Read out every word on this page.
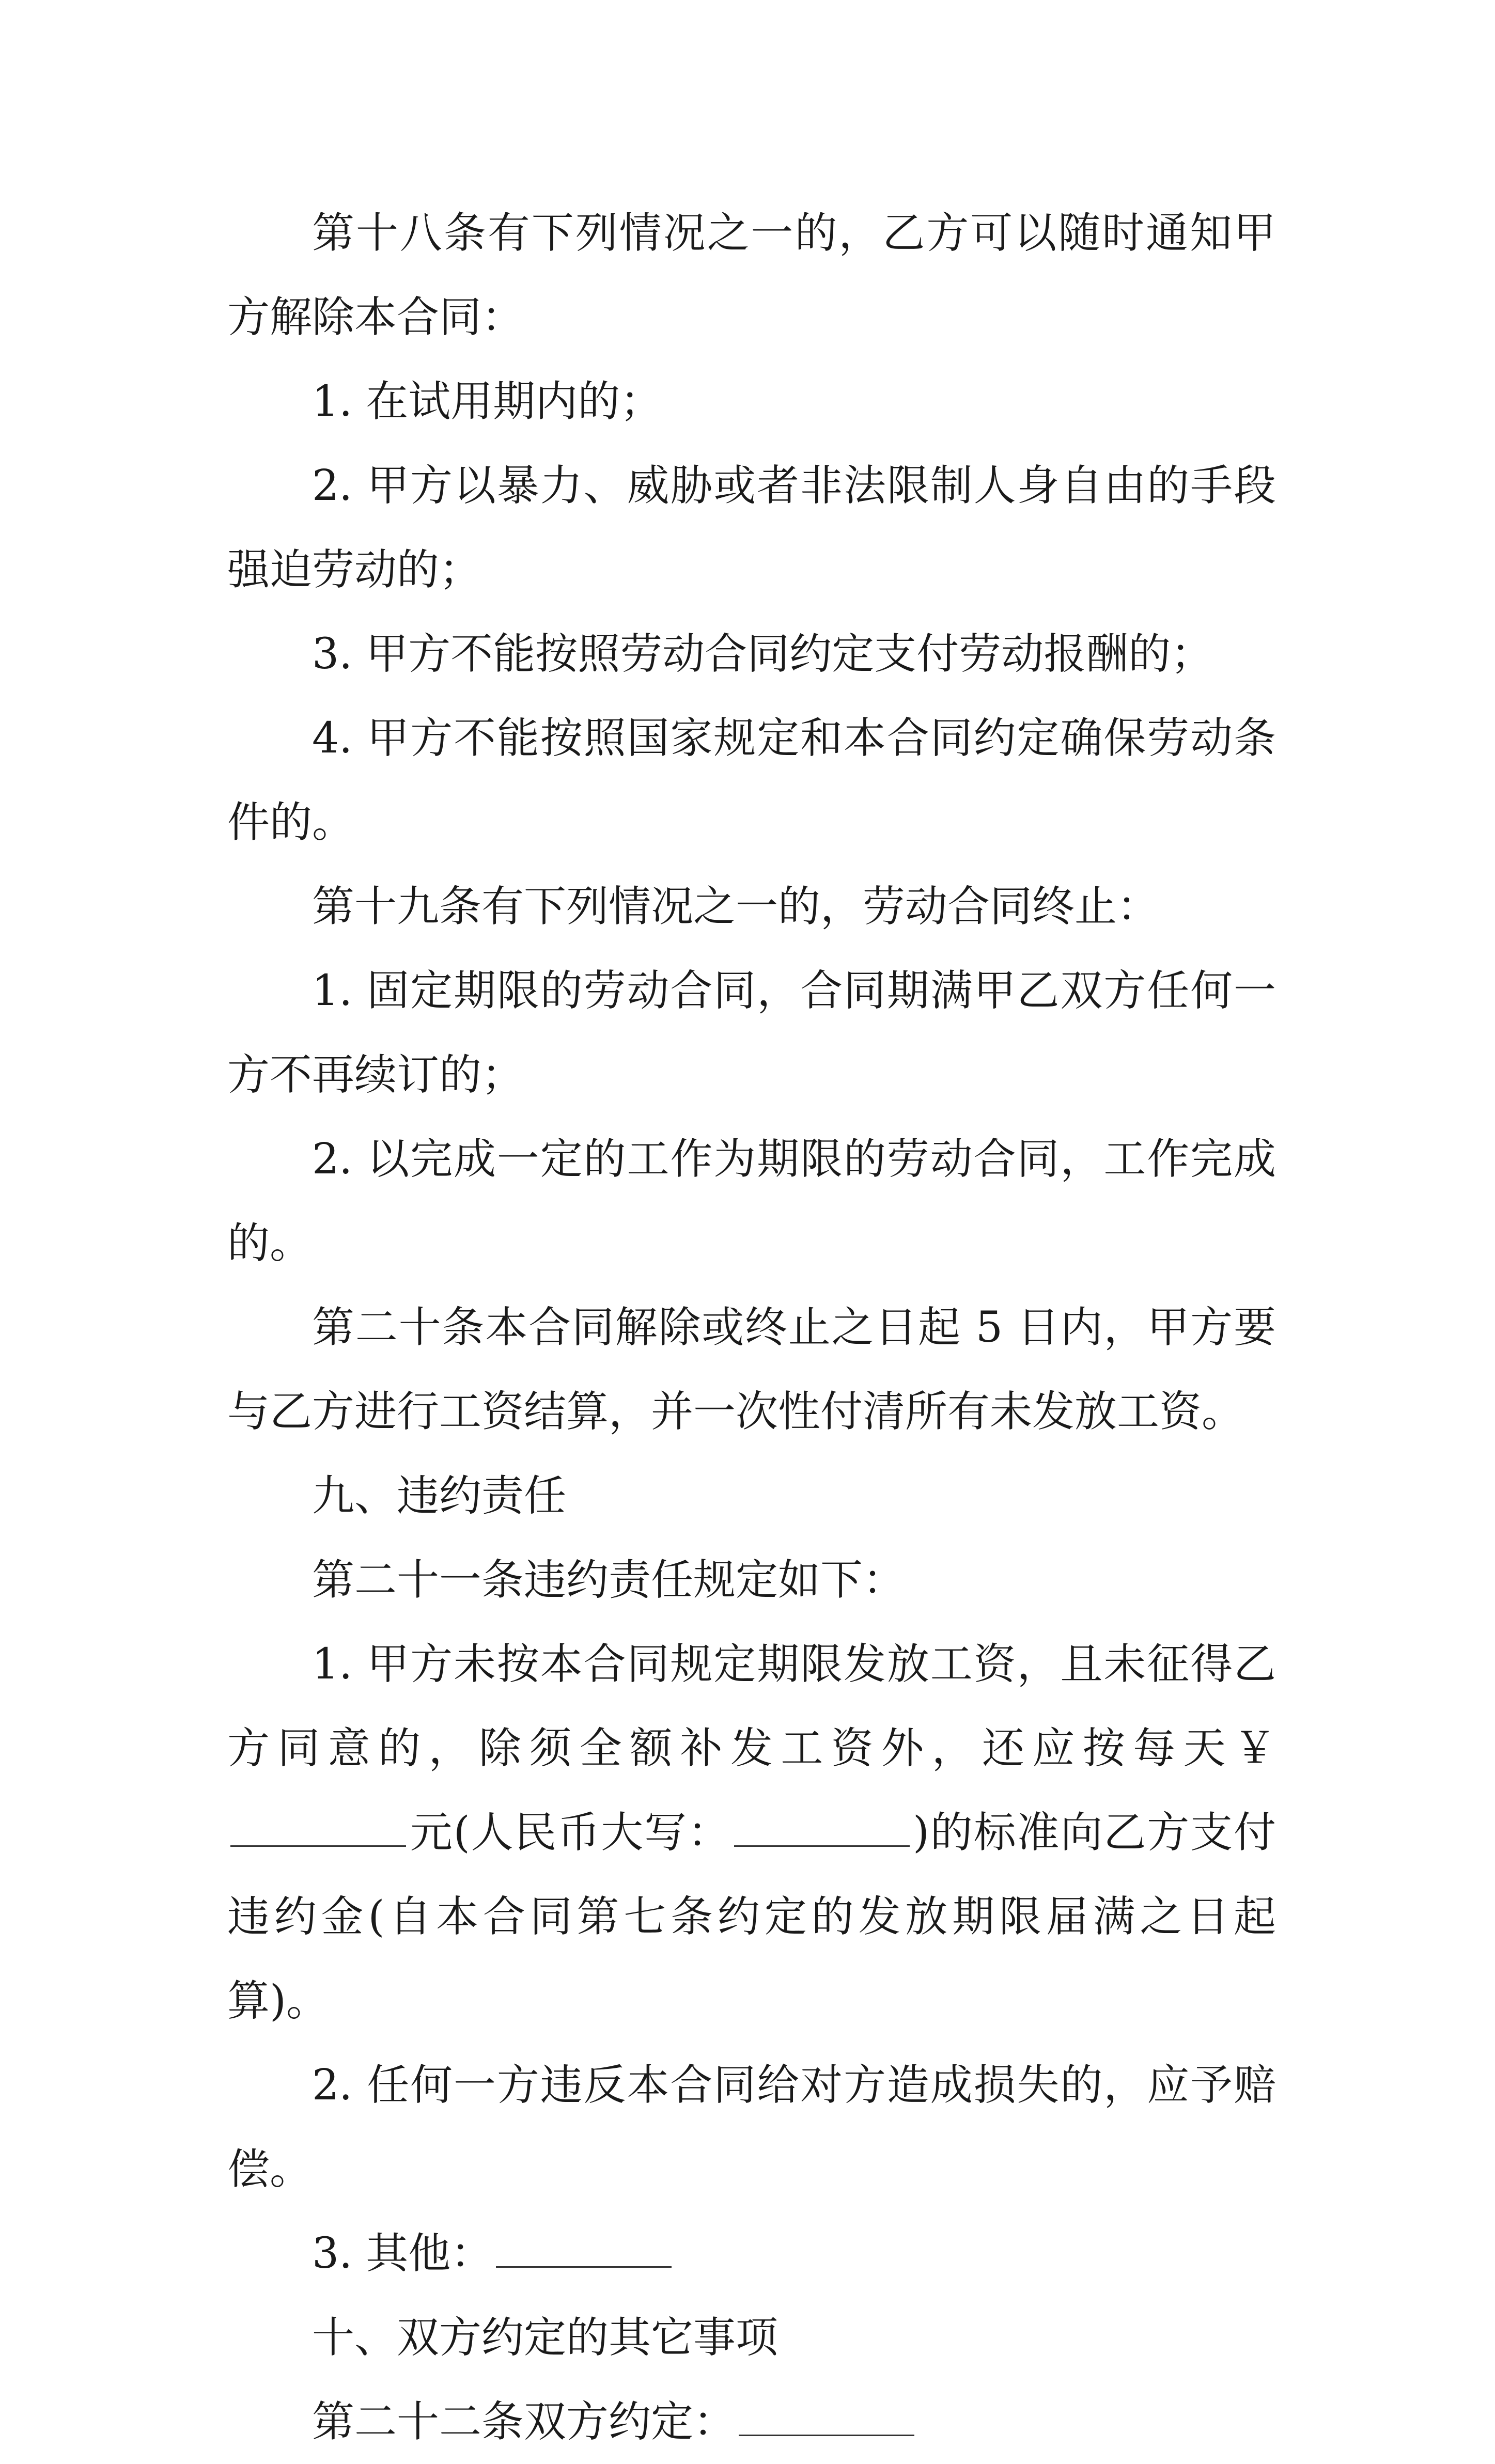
第十八条有下列情况之一的，乙方可以随时通知甲方解除本合同：

1. 在试用期内的；

2. 甲方以暴力、威胁或者非法限制人身自由的手段强迫劳动的；

3. 甲方不能按照劳动合同约定支付劳动报酬的；

4. 甲方不能按照国家规定和本合同约定确保劳动条件的。

第十九条有下列情况之一的，劳动合同终止：

1. 固定期限的劳动合同，合同期满甲乙双方任何一方不再续订的；

2. 以完成一定的工作为期限的劳动合同，工作完成的。

第二十条本合同解除或终止之日起 5 日内，甲方要与乙方进行工资结算，并一次性付清所有未发放工资。

九、违约责任

第二十一条违约责任规定如下：

1. 甲方未按本合同规定期限发放工资，且未征得乙方同意的，除须全额补发工资外，还应按每天￥元(人民币大写：	)的标准向乙方支付违约金(自本合同第七条约定的发放期限届满之日起算)。

2. 任何一方违反本合同给对方造成损失的，应予赔偿。

3. 其他：

十、双方约定的其它事项

第二十二条双方约定：
